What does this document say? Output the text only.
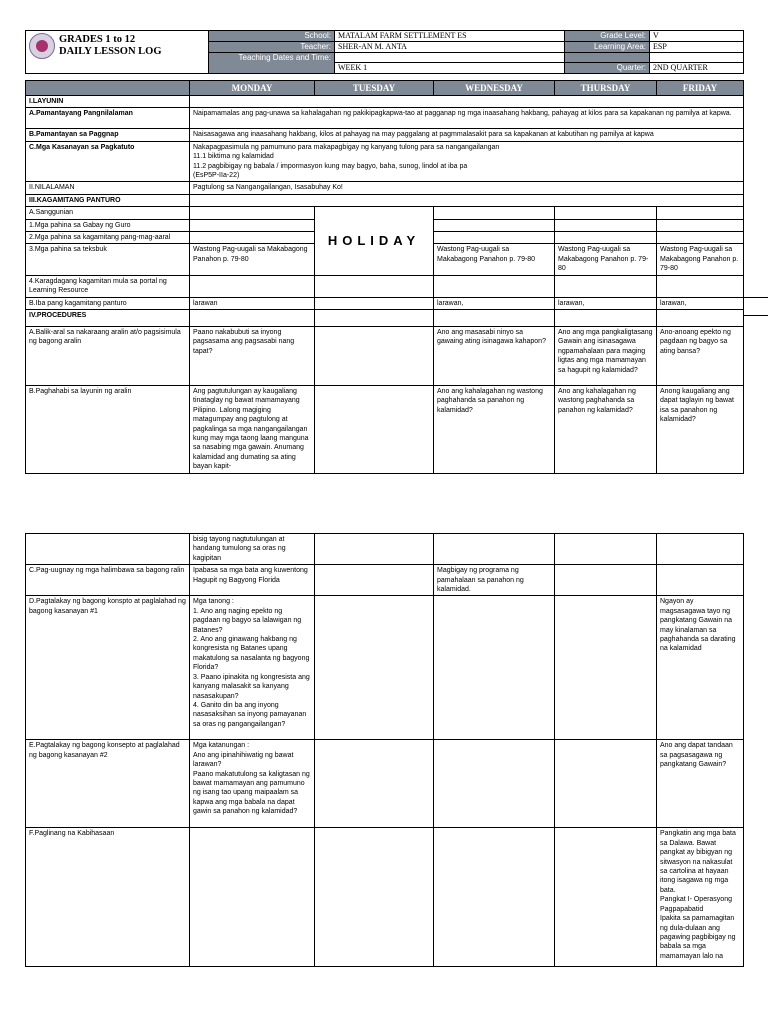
GRADES 1 to 12
DAILY LESSON LOG	School:	MATALAM FARM SETTLEMENT ES	Grade Level:	V
	Teacher:	SHER-AN M. ANTA	Learning Area:	ESP
	Teaching Dates and Time:			
		WEEK 1	Quarter:	2ND QUARTER
	MONDAY	TUESDAY	WEDNESDAY	THURSDAY	FRIDAY
I.LAYUNIN					
A.Pamantayang Pangnilalaman	Naipamamalas ang pag-unawa sa kahalagahan ng pakikipagkapwa-tao at pagganap ng mga inaasahang hakbang, pahayag at kilos para sa kapakanan ng pamilya at kapwa.				
B.Pamantayan sa Paggnap	Naisasagawa ang inaasahang hakbang, kilos at pahayag na may paggalang at pagmmalasakit para sa kapakanan at kabutihan ng pamilya at kapwa				
C.Mga Kasanayan sa Pagkatuto	Nakapagpasimula ng pamumuno para makapagbigay ng kanyang tulong para sa nangangailangan
11.1 biktima ng kalamidad
11.2 pagbibigay ng babala / impormasyon kung may bagyo, baha, sunog, lindol at iba pa
(EsP5P-IIa-22)				
II.NILALAMAN	Pagtulong sa Nangangailangan, Isasabuhay Ko!				
III.KAGAMITANG PANTURO					
A.Sanggunian		HOLIDAY			
1.Mga pahina sa Gabay ng Guro					
2.Mga pahina sa kagamitang pang-mag-aaral					
3.Mga pahina sa teksbuk	Wastong Pag-uugali sa Makabagong Panahon p. 79-80		Wastong Pag-uugali sa Makabagong Panahon p. 79-80	Wastong Pag-uugali sa Makabagong Panahon p. 79-80	Wastong Pag-uugali sa Makabagong Panahon p. 79-80
4.Karagdagang kagamitan mula sa portal ng Learning Resource					
B.Iba pang kagamitang panturo	larawan		larawan,	larawan,	larawan,
IV.PROCEDURES					
A.Balik-aral sa nakaraang aralin at/o pagsisimula ng bagong aralin	Paano nakabubuti sa inyong pagsasama ang pagsasabi nang tapat?		Ano ang masasabi ninyo sa gawaing ating isinagawa kahapon?	Ano ang mga pangkaligtasang Gawain ang isinasagawa ngpamahalaan para maging ligtas ang mga mamamayan sa hagupit ng kalamidad?	Ano-anoang epekto ng pagdaan ng bagyo sa ating bansa?
B.Paghahabi sa layunin ng aralin	Ang pagtutulungan ay kaugaliang tinataglay ng bawat mamamayang Pilipino. Lalong magiging matagumpay ang pagtulong at pagkalinga sa mga nangangailangan kung may mga taong laang manguna sa nasabing mga gawain. Anumang kalamidad ang dumating sa ating bayan kapit-		Ano ang kahalagahan ng wastong paghahanda sa panahon ng kalamidad?	Ano ang kahalagahan ng wastong paghahanda sa panahon ng kalamidad?	Anong kaugaliang ang dapat taglayin ng bawat isa sa panahon ng kalamidad?
	bisig tayong nagtutulungan at handang tumulong sa oras ng kagipitan				
C.Pag-uugnay ng mga halimbawa sa bagong ralin	Ipabasa sa mga bata ang kuwentong Hagupit ng Bagyong Florida		Magbigay ng programa ng pamahalaan sa panahon ng kalamidad.		
D.Pagtalakay ng bagong konspto at paglalahad ng bagong kasanayan #1	Mga tanong :
1. Ano ang naging epekto ng pagdaan ng bagyo sa lalawigan ng Batanes?
2. Ano ang ginawang hakbang ng kongresista ng Batanes upang makatulong sa nasalanta ng bagyong Florida?
3. Paano ipinakita ng kongresista ang kanyang malasakit sa kanyang nasasakupan?
4. Ganito din ba ang inyong nasasaksihan sa inyong pamayanan sa oras ng pangangailangan?				Ngayon ay magsasagawa tayo ng pangkatang Gawain na may kinalaman sa paghahanda sa darating na kalamidad
E.Pagtalakay ng bagong konsepto at paglalahad ng bagong kasanayan #2	Mga katanungan :
Ano ang ipinahihiwatig ng bawat larawan?
Paano makatutulong sa kaligtasan ng bawat mamamayan ang pamumuno ng isang tao upang maipaalam sa kapwa ang mga babala na dapat gawin sa panahon ng kalamidad?				Ano ang dapat tandaan sa pagsasagawa ng pangkatang Gawain?
F.Paglinang na Kabihasaan					Pangkatin ang mga bata sa Dalawa. Bawat pangkat ay bibigyan ng sitwasyon na nakasulat sa cartolina at hayaan itong isagawa ng mga bata.
Pangkat I- Operasyong Pagpapabatid
Ipakita sa pamamagitan ng dula-dulaan ang pagawing pagbibigay ng babala sa mga mamamayan lalo na
